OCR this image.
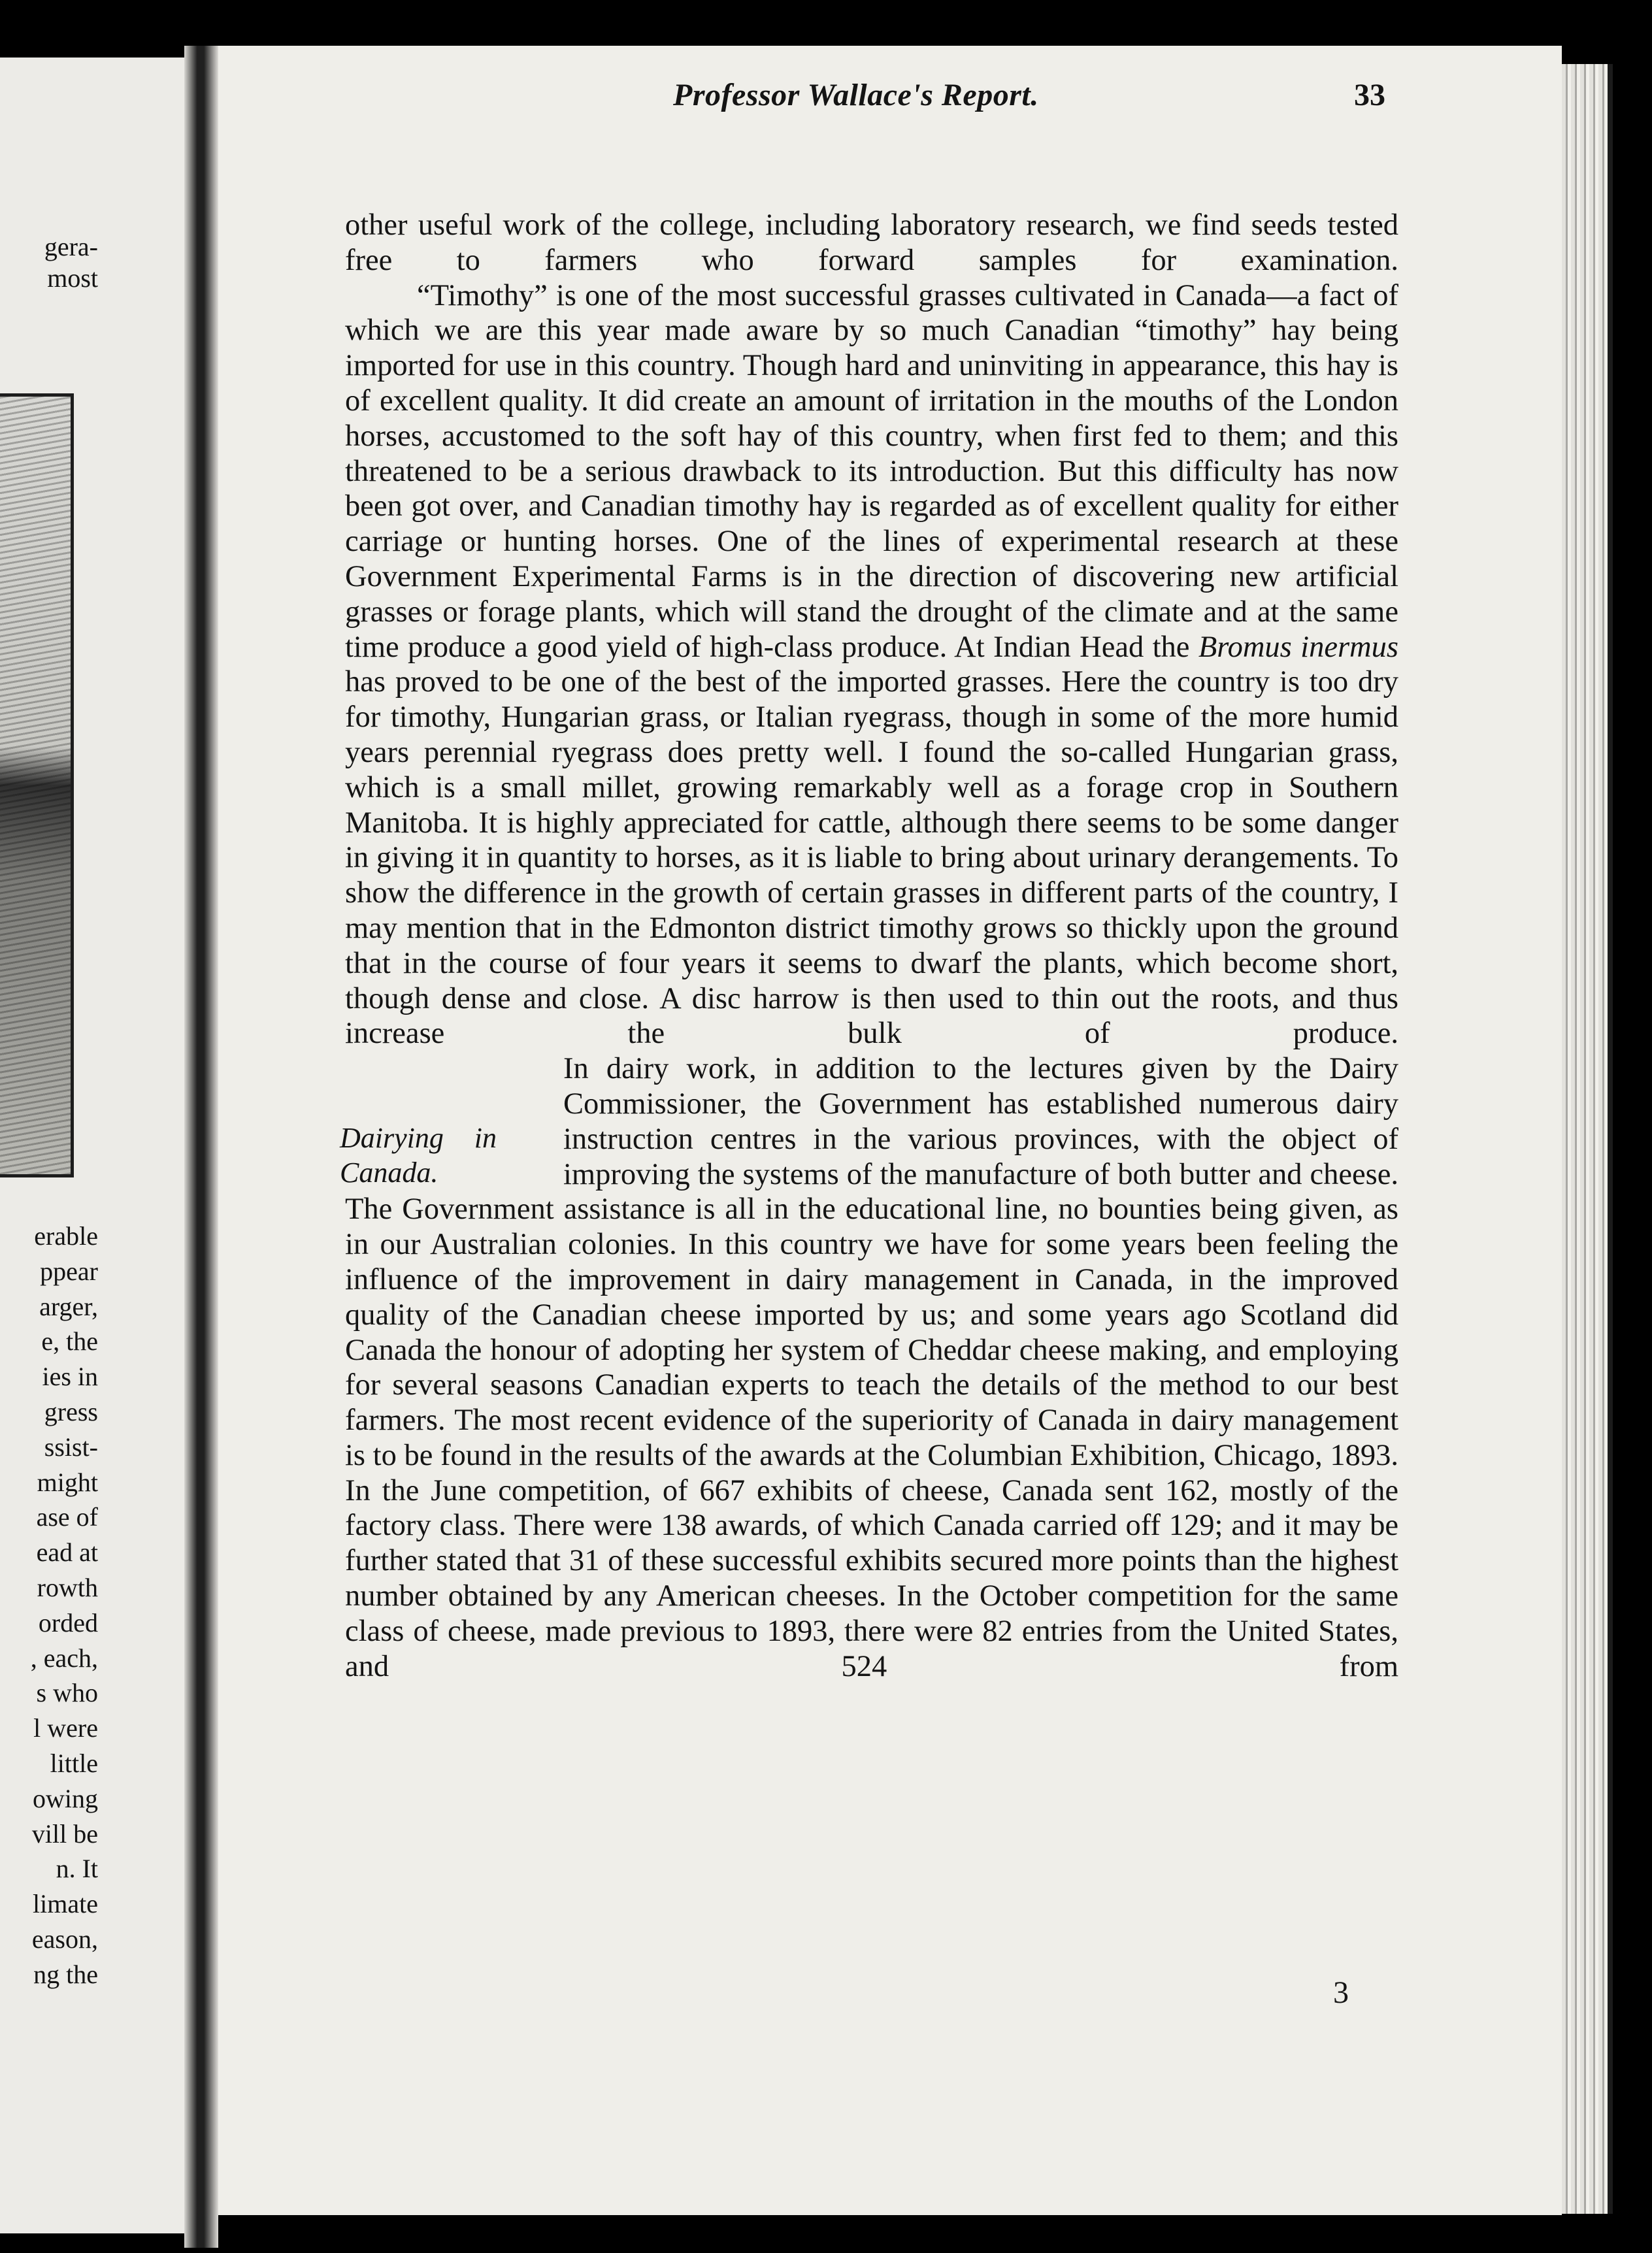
gera-
most
erable
ppear
arger,
e, the
ies in
gress
ssist-
might
ase of
ead at
rowth
orded
, each,
s who
l were
little
owing
vill be
n. It
limate
eason,
ng the
Professor Wallace's Report.	33

other useful work of the college, including laboratory research, we find seeds tested free to farmers who forward samples for examination.

“Timothy” is one of the most successful grasses cultivated in Canada—a fact of which we are this year made aware by so much Canadian “timothy” hay being imported for use in this country. Though hard and uninviting in appearance, this hay is of excellent quality. It did create an amount of irritation in the mouths of the London horses, accustomed to the soft hay of this country, when first fed to them; and this threatened to be a serious drawback to its introduction. But this difficulty has now been got over, and Canadian timothy hay is regarded as of excellent quality for either carriage or hunting horses. One of the lines of experimental research at these Government Experimental Farms is in the direction of discovering new artificial grasses or forage plants, which will stand the drought of the climate and at the same time produce a good yield of high-class produce. At Indian Head the Bromus inermus has proved to be one of the best of the imported grasses. Here the country is too dry for timothy, Hungarian grass, or Italian ryegrass, though in some of the more humid years perennial ryegrass does pretty well. I found the so-called Hungarian grass, which is a small millet, growing remarkably well as a forage crop in Southern Manitoba. It is highly appreciated for cattle, although there seems to be some danger in giving it in quantity to horses, as it is liable to bring about urinary derangements. To show the difference in the growth of certain grasses in different parts of the country, I may mention that in the Edmonton district timothy grows so thickly upon the ground that in the course of four years it seems to dwarf the plants, which become short, though dense and close. A disc harrow is then used to thin out the roots, and thus increase the bulk of produce.

Dairying in Canada.

In dairy work, in addition to the lectures given by the Dairy Commissioner, the Government has established numerous dairy instruction centres in the various provinces, with the object of improving the systems of the manufacture of both butter and cheese. The Government assistance is all in the educational line, no bounties being given, as in our Australian colonies. In this country we have for some years been feeling the influence of the improvement in dairy management in Canada, in the improved quality of the Canadian cheese imported by us; and some years ago Scotland did Canada the honour of adopting her system of Cheddar cheese making, and employing for several seasons Canadian experts to teach the details of the method to our best farmers. The most recent evidence of the superiority of Canada in dairy management is to be found in the results of the awards at the Columbian Exhibition, Chicago, 1893. In the June competition, of 667 exhibits of cheese, Canada sent 162, mostly of the factory class. There were 138 awards, of which Canada carried off 129; and it may be further stated that 31 of these successful exhibits secured more points than the highest number obtained by any American cheeses. In the October competition for the same class of cheese, made previous to 1893, there were 82 entries from the United States, and 524 from

3
